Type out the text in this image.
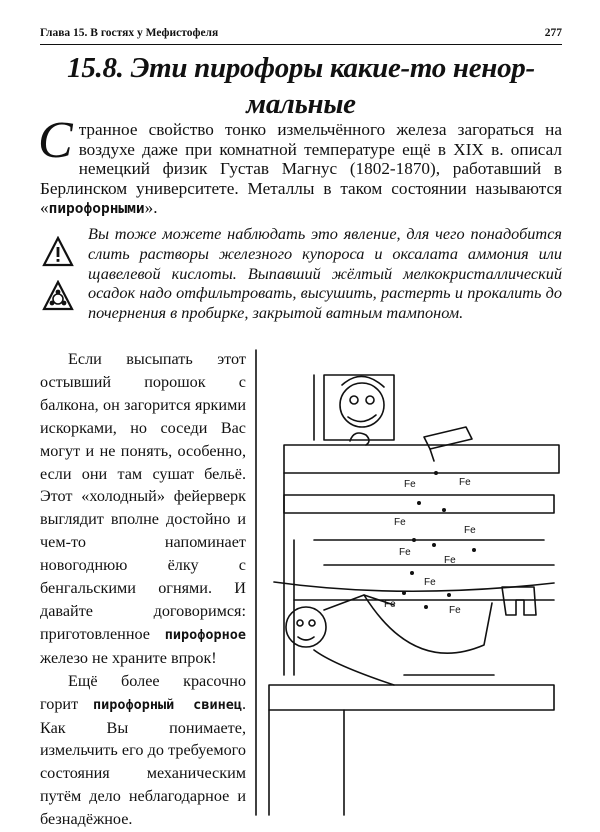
Глава 15. В гостях у Мефистофеля	277
15.8. Эти пирофоры какие-то ненор-
мальные
С транное свойство тонко измельчённого железа загораться на воздухе даже при комнатной температуре ещё в XIX в. описал немецкий физик Густав Магнус (1802-1870), работавший в Берлинском университете. Металлы в таком состоянии называются «пирофорными».

Вы тоже можете наблюдать это явление, для чего понадобится слить растворы железного купороса и оксалата аммония или щавелевой кислоты. Выпавший жёлтый мелкокристаллический осадок надо отфильтровать, высушить, растерть и прокалить до почернения в пробирке, закрытой ватным тампоном.

Если высыпать этот остывший порошок с балкона, он загорится яркими искорками, но соседи Вас могут и не понять, особенно, если они там сушат бельё. Этот «холодный» фейерверк выглядит вполне достойно и чем-то напоминает новогоднюю ёлку с бенгальскими огнями. И давайте договоримся: приготовленное пирофорное железо не храните впрок!

Ещё более красочно горит пирофорный свинец. Как Вы понимаете, измельчить его до требуемого состояния механическим путём дело неблагодарное и безнадёжное.

Fe	Fe
Fe
Fe
Fe
Fe
Fe
Fe
Fe
